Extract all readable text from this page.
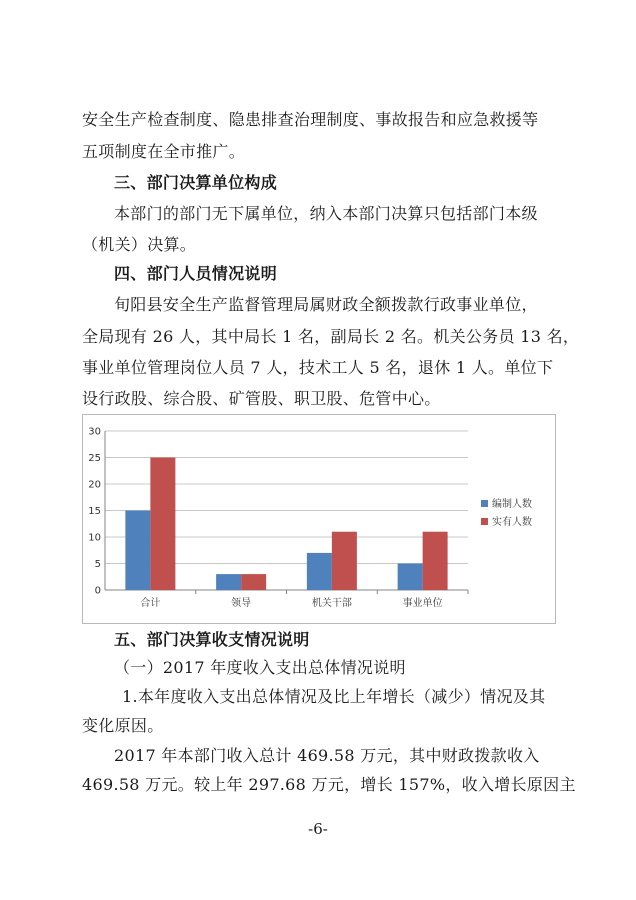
安全生产检查制度、隐患排查治理制度、事故报告和应急救援等
五项制度在全市推广。
三、部门决算单位构成
本部门的部门无下属单位，纳入本部门决算只包括部门本级
（机关）决算。
四、部门人员情况说明
旬阳县安全生产监督管理局属财政全额拨款行政事业单位，
全局现有 26 人，其中局长 1 名，副局长 2 名。机关公务员 13 名，
事业单位管理岗位人员 7 人，技术工人 5 名，退休 1 人。单位下
设行政股、综合股、矿管股、职卫股、危管中心。
0
5
10
15
20
25
30
合计	领导	机关干部	事业单位
编制人数
实有人数
五、部门决算收支情况说明
（一）2017 年度收入支出总体情况说明
1.本年度收入支出总体情况及比上年增长（减少）情况及其
变化原因。
2017 年本部门收入总计 469.58 万元，其中财政拨款收入
469.58 万元。较上年 297.68 万元，增长 157%，收入增长原因主
-6-
